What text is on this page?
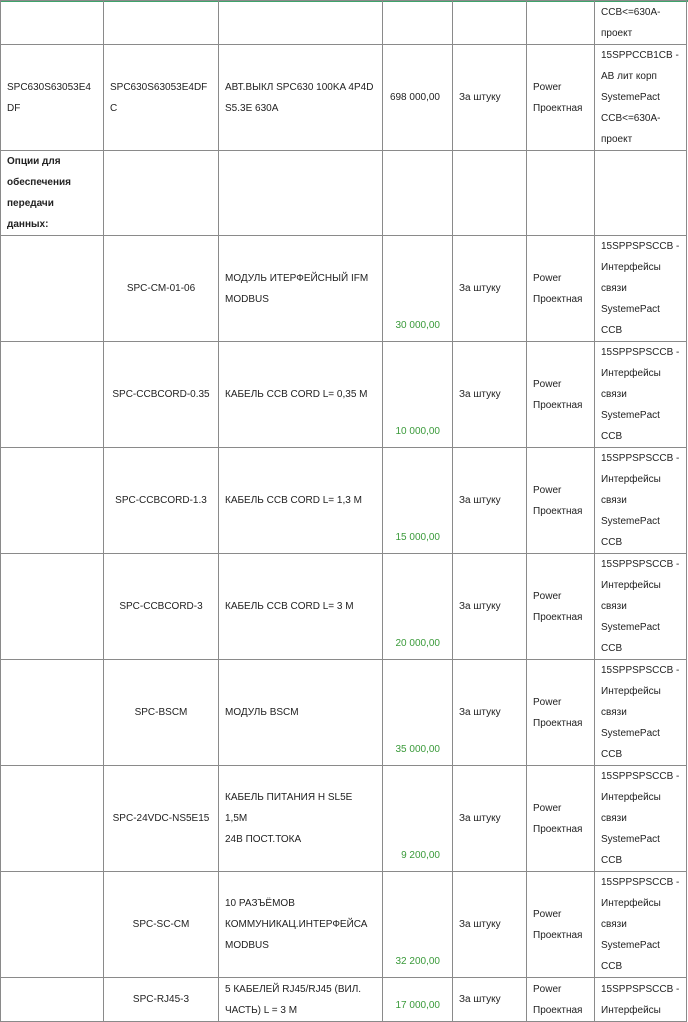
						CCB<=630A-
проект
SPC630S63053E4DF	SPC630S63053E4DFC	АВТ.ВЫКЛ SPC630 100KA 4P4D
S5.3E 630A	698 000,00	За штуку	Power
Проектная	15SPPCCB1CB -
AB лит корп
SystemePact
CCB<=630A-
проект
Опции для
обеспечения
передачи данных:						
	SPC-CM-01-06	МОДУЛЬ ИТЕРФЕЙСНЫЙ IFM
MODBUS	30 000,00	За штуку	Power
Проектная	15SPPSPSCCB -
Интерфейсы
связи
SystemePact CCB
	SPC-CCBCORD-0.35	КАБЕЛЬ CCB CORD L= 0,35 М	10 000,00	За штуку	Power
Проектная	15SPPSPSCCB -
Интерфейсы
связи
SystemePact CCB
	SPC-CCBCORD-1.3	КАБЕЛЬ CCB CORD L= 1,3 М	15 000,00	За штуку	Power
Проектная	15SPPSPSCCB -
Интерфейсы
связи
SystemePact CCB
	SPC-CCBCORD-3	КАБЕЛЬ CCB CORD L= 3 М	20 000,00	За штуку	Power
Проектная	15SPPSPSCCB -
Интерфейсы
связи
SystemePact CCB
	SPC-BSCM	МОДУЛЬ BSCM	35 000,00	За штуку	Power
Проектная	15SPPSPSCCB -
Интерфейсы
связи
SystemePact CCB
	SPC-24VDC-NS5E15	КАБЕЛЬ ПИТАНИЯ Н SL5E 1,5М
24В ПОСТ.ТОКА	9 200,00	За штуку	Power
Проектная	15SPPSPSCCB -
Интерфейсы
связи
SystemePact CCB
	SPC-SC-CM	10 РАЗЪЁМОВ
КОММУНИКАЦ.ИНТЕРФЕЙСА
MODBUS	32 200,00	За штуку	Power
Проектная	15SPPSPSCCB -
Интерфейсы
связи
SystemePact CCB
	SPC-RJ45-3	5 КАБЕЛЕЙ RJ45/RJ45 (ВИЛ.
ЧАСТЬ) L = 3 М	17 000,00	За штуку	Power
Проектная	15SPPSPSCCB -
Интерфейсы
